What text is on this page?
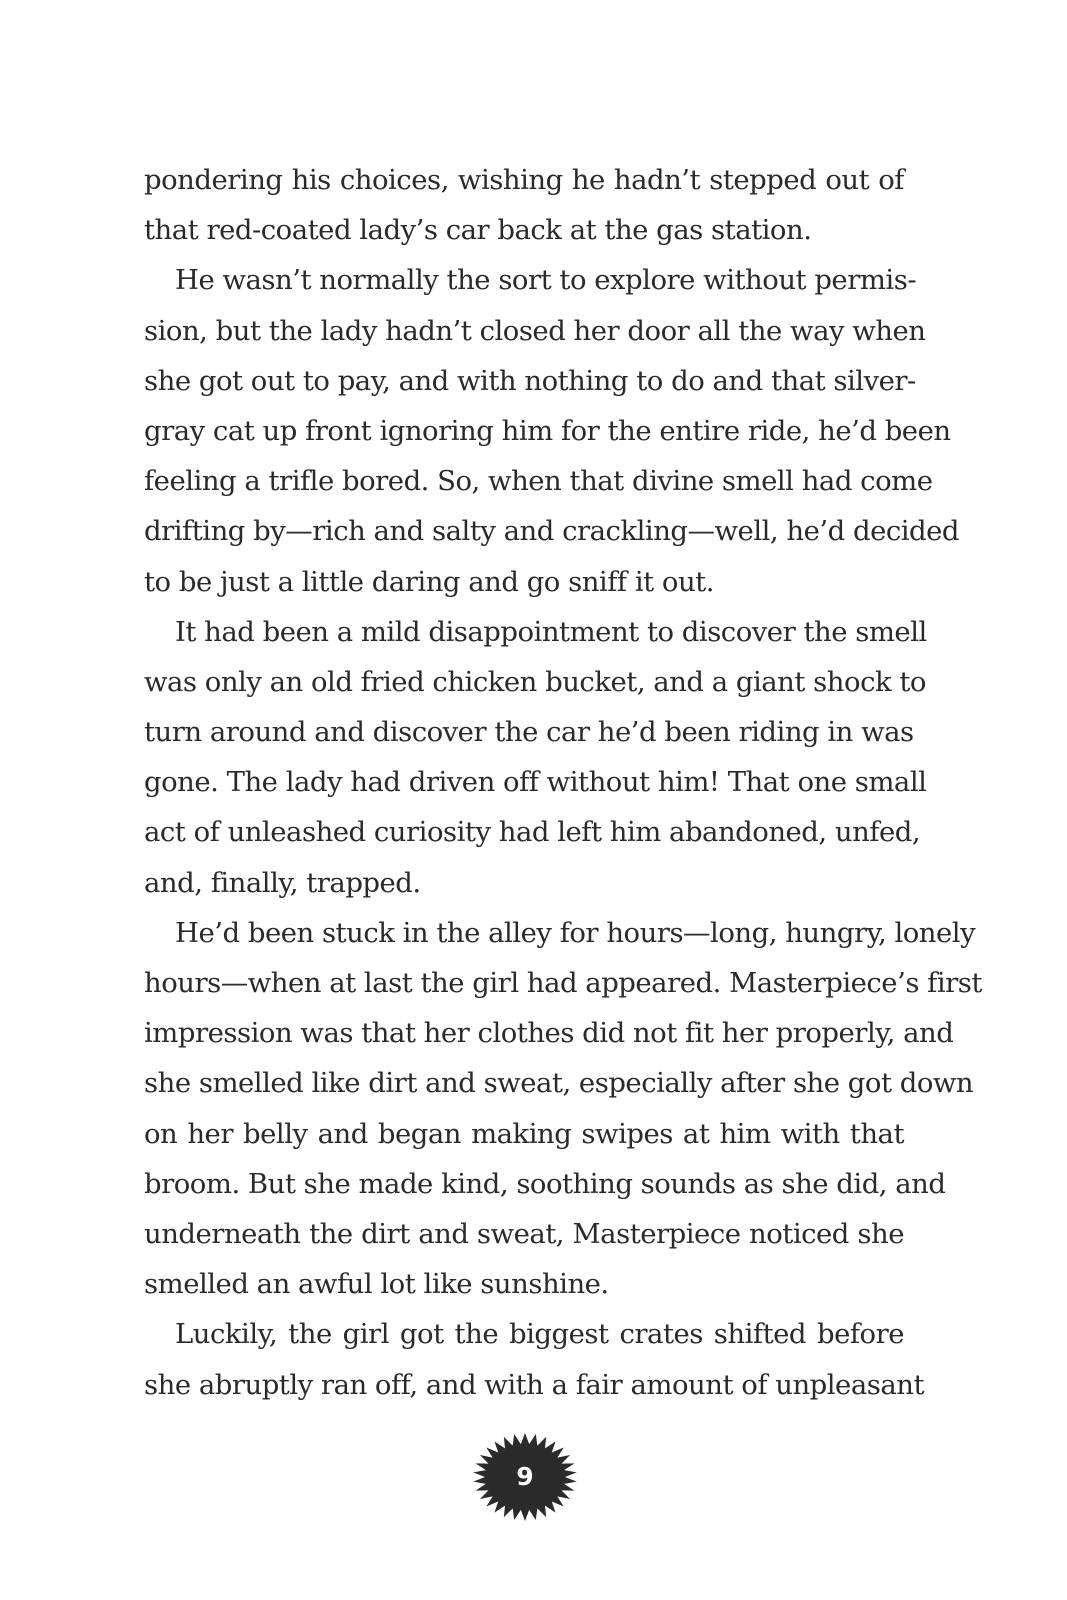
pondering his choices, wishing he hadn’t stepped out of
that red-coated lady’s car back at the gas station.
He wasn’t normally the sort to explore without permis-
sion, but the lady hadn’t closed her door all the way when
she got out to pay, and with nothing to do and that silver-
gray cat up front ignoring him for the entire ride, he’d been
feeling a trifle bored. So, when that divine smell had come
drifting by—rich and salty and crackling—well, he’d decided
to be just a little daring and go sniff it out.
It had been a mild disappointment to discover the smell
was only an old fried chicken bucket, and a giant shock to
turn around and discover the car he’d been riding in was
gone. The lady had driven off without him! That one small
act of unleashed curiosity had left him abandoned, unfed,
and, finally, trapped.
He’d been stuck in the alley for hours—long, hungry, lonely
hours—when at last the girl had appeared. Masterpiece’s first
impression was that her clothes did not fit her properly, and
she smelled like dirt and sweat, especially after she got down
on her belly and began making swipes at him with that
broom. But she made kind, soothing sounds as she did, and
underneath the dirt and sweat, Masterpiece noticed she
smelled an awful lot like sunshine.
Luckily, the girl got the biggest crates shifted before
she abruptly ran off, and with a fair amount of unpleasant
9
